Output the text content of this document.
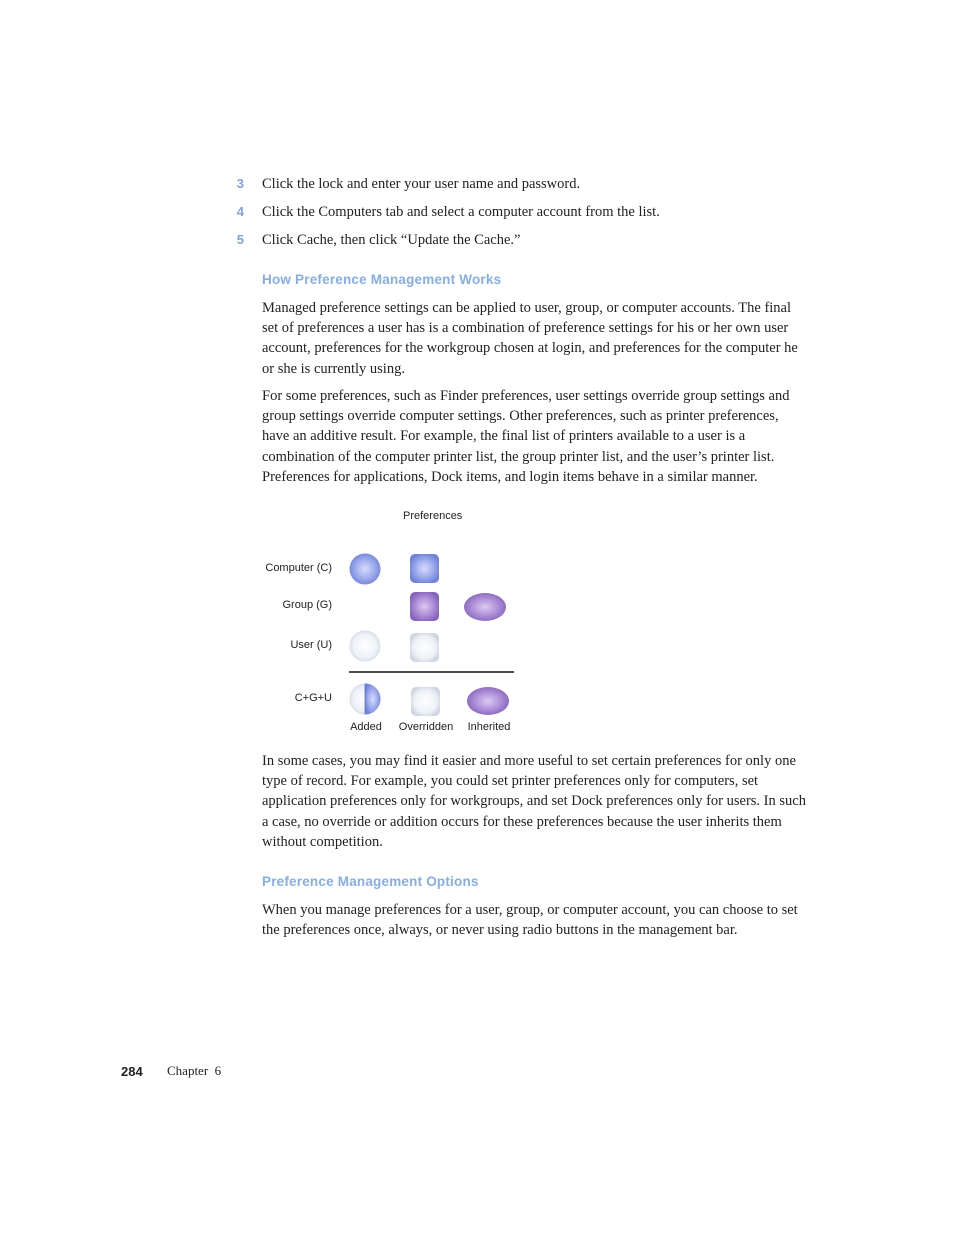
3 Click the lock and enter your user name and password.
4 Click the Computers tab and select a computer account from the list.
5 Click Cache, then click “Update the Cache.”
How Preference Management Works

Managed preference settings can be applied to user, group, or computer accounts. The final set of preferences a user has is a combination of preference settings for his or her own user account, preferences for the workgroup chosen at login, and preferences for the computer he or she is currently using.

For some preferences, such as Finder preferences, user settings override group settings and group settings override computer settings. Other preferences, such as printer preferences, have an additive result. For example, the final list of printers available to a user is a combination of the computer printer list, the group printer list, and the user’s printer list. Preferences for applications, Dock items, and login items behave in a similar manner.

Preferences
Computer (C)
Group (G)
User (U)
C+G+U
Added	Overridden	Inherited

In some cases, you may find it easier and more useful to set certain preferences for only one type of record. For example, you could set printer preferences only for computers, set application preferences only for workgroups, and set Dock preferences only for users. In such a case, no override or addition occurs for these preferences because the user inherits them without competition.

Preference Management Options

When you manage preferences for a user, group, or computer account, you can choose to set the preferences once, always, or never using radio buttons in the management bar.

284 Chapter  6
